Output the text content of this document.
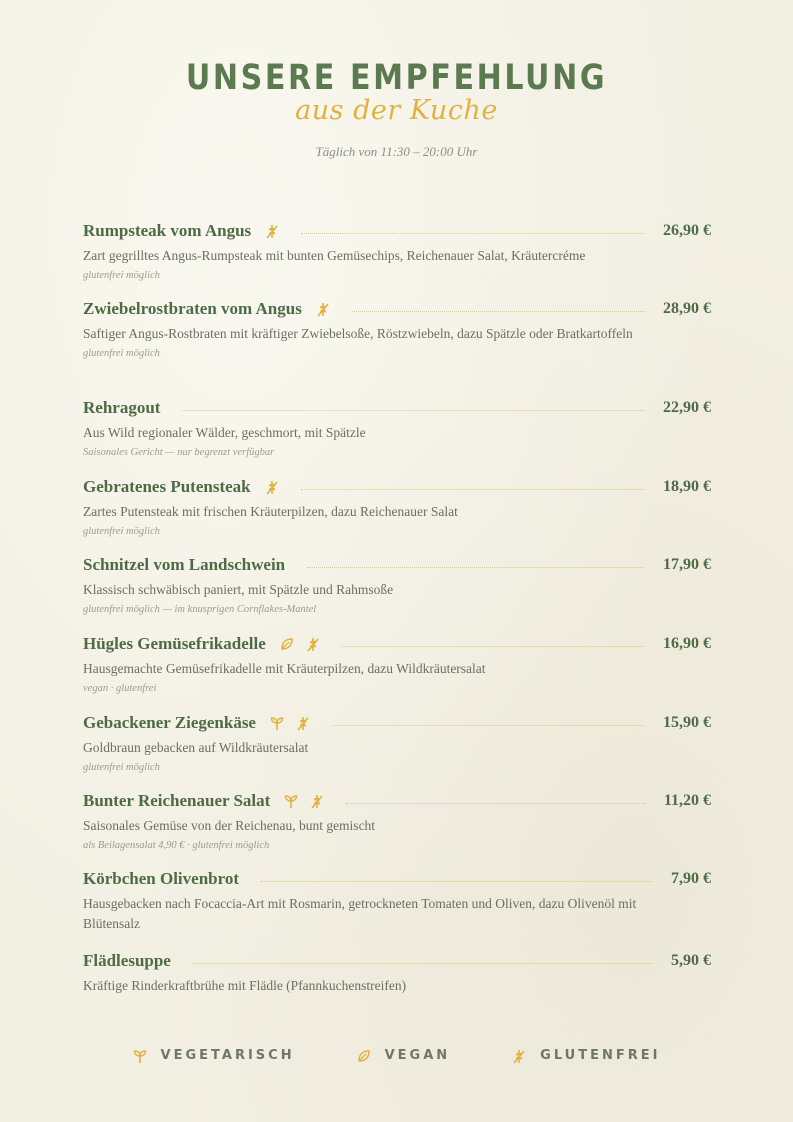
UNSERE EMPFEHLUNG
aus der Kuche
Täglich von 11:30 – 20:00 Uhr
Rumpsteak vom Angus	26,90 €
Zart gegrilltes Angus-Rumpsteak mit bunten Gemüsechips, Reichenauer Salat, Kräutercréme
glutenfrei möglich
Zwiebelrostbraten vom Angus	28,90 €
Saftiger Angus-Rostbraten mit kräftiger Zwiebelsoße, Röstzwiebeln, dazu Spätzle oder Bratkartoffeln
glutenfrei möglich
Rehragout	22,90 €
Aus Wild regionaler Wälder, geschmort, mit Spätzle
Saisonales Gericht — nur begrenzt verfügbar
Gebratenes Putensteak	18,90 €
Zartes Putensteak mit frischen Kräuterpilzen, dazu Reichenauer Salat
glutenfrei möglich
Schnitzel vom Landschwein	17,90 €
Klassisch schwäbisch paniert, mit Spätzle und Rahmsoße
glutenfrei möglich — im knusprigen Cornflakes-Mantel
Hügles Gemüsefrikadelle	16,90 €
Hausgemachte Gemüsefrikadelle mit Kräuterpilzen, dazu Wildkräutersalat
vegan · glutenfrei
Gebackener Ziegenkäse	15,90 €
Goldbraun gebacken auf Wildkräutersalat
glutenfrei möglich
Bunter Reichenauer Salat	11,20 €
Saisonales Gemüse von der Reichenau, bunt gemischt
als Beilagensalat 4,90 € · glutenfrei möglich
Körbchen Olivenbrot	7,90 €
Hausgebacken nach Focaccia-Art mit Rosmarin, getrockneten Tomaten und Oliven, dazu Olivenöl mit Blütensalz
Flädlesuppe	5,90 €
Kräftige Rinderkraftbrühe mit Flädle (Pfannkuchenstreifen)
VEGETARISCH	VEGAN	GLUTENFREI
